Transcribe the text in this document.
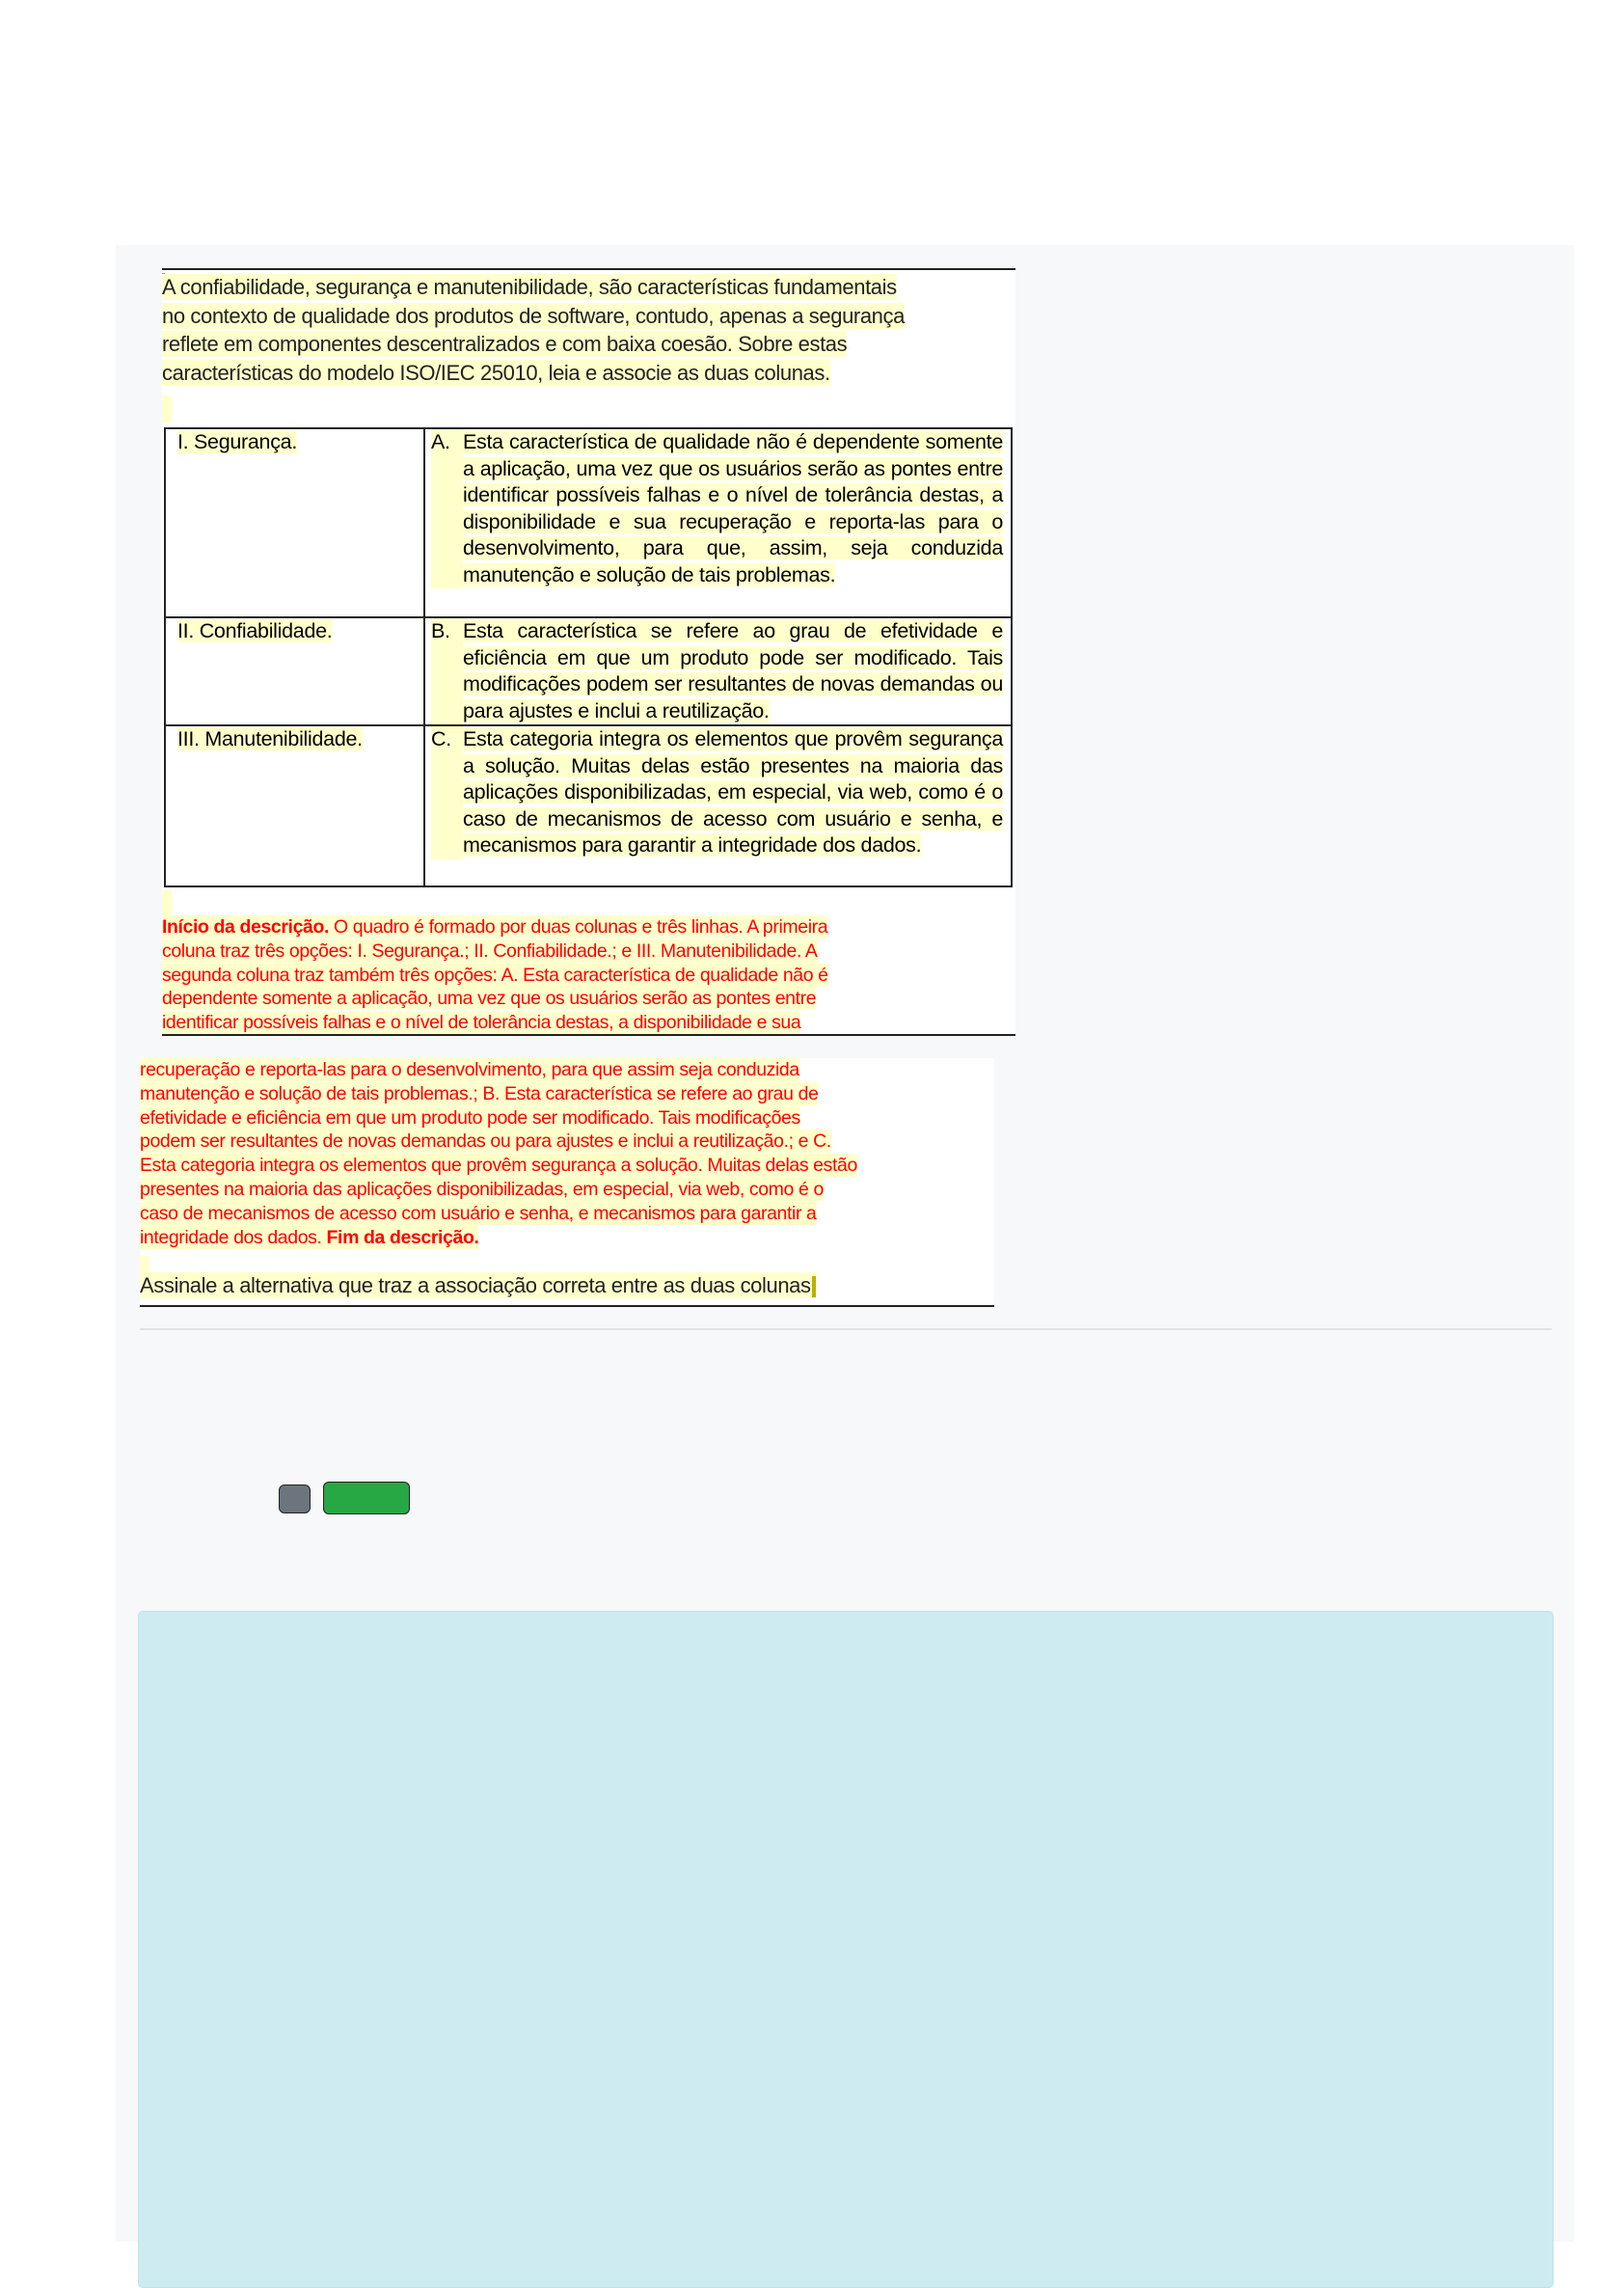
I. Segurança.	A. Esta característica de qualidade não é dependente somente a aplicação, uma vez que os usuários serão as pontes entre identificar possíveis falhas e o nível de tolerância destas, a disponibilidade e sua recuperação e reporta-las para o desenvolvimento, para que, assim, seja conduzida manutenção e solução de tais problemas.

II. Confiabilidade.	B. Esta característica se refere ao grau de efetividade e eficiência em que um produto pode ser modificado. Tais modificações podem ser resultantes de novas demandas ou para ajustes e inclui a reutilização.

III. Manutenibilidade.	C. Esta categoria integra os elementos que provêm segurança a solução. Muitas delas estão presentes na maioria das aplicações disponibilizadas, em especial, via web, como é o caso de mecanismos de acesso com usuário e senha, e mecanismos para garantir a integridade dos dados.
A confiabilidade, segurança e manutenibilidade, são características fundamentais
no contexto de qualidade dos produtos de software, contudo, apenas a segurança
reflete em componentes descentralizados e com baixa coesão. Sobre estas
características do modelo ISO/IEC 25010, leia e associe as duas colunas.
Início da descrição. O quadro é formado por duas colunas e três linhas. A primeira
coluna traz três opções: I. Segurança.; II. Confiabilidade.; e III. Manutenibilidade. A
segunda coluna traz também três opções: A. Esta característica de qualidade não é
dependente somente a aplicação, uma vez que os usuários serão as pontes entre
identificar possíveis falhas e o nível de tolerância destas, a disponibilidade e sua
Assinale a alternativa que traz a associação correta entre as duas colunas
recuperação e reporta-las para o desenvolvimento, para que assim seja conduzida
manutenção e solução de tais problemas.; B. Esta característica se refere ao grau de
efetividade e eficiência em que um produto pode ser modificado. Tais modificações
podem ser resultantes de novas demandas ou para ajustes e inclui a reutilização.; e C.
Esta categoria integra os elementos que provêm segurança a solução. Muitas delas estão
presentes na maioria das aplicações disponibilizadas, em especial, via web, como é o
caso de mecanismos de acesso com usuário e senha, e mecanismos para garantir a
integridade dos dados. Fim da descrição.
